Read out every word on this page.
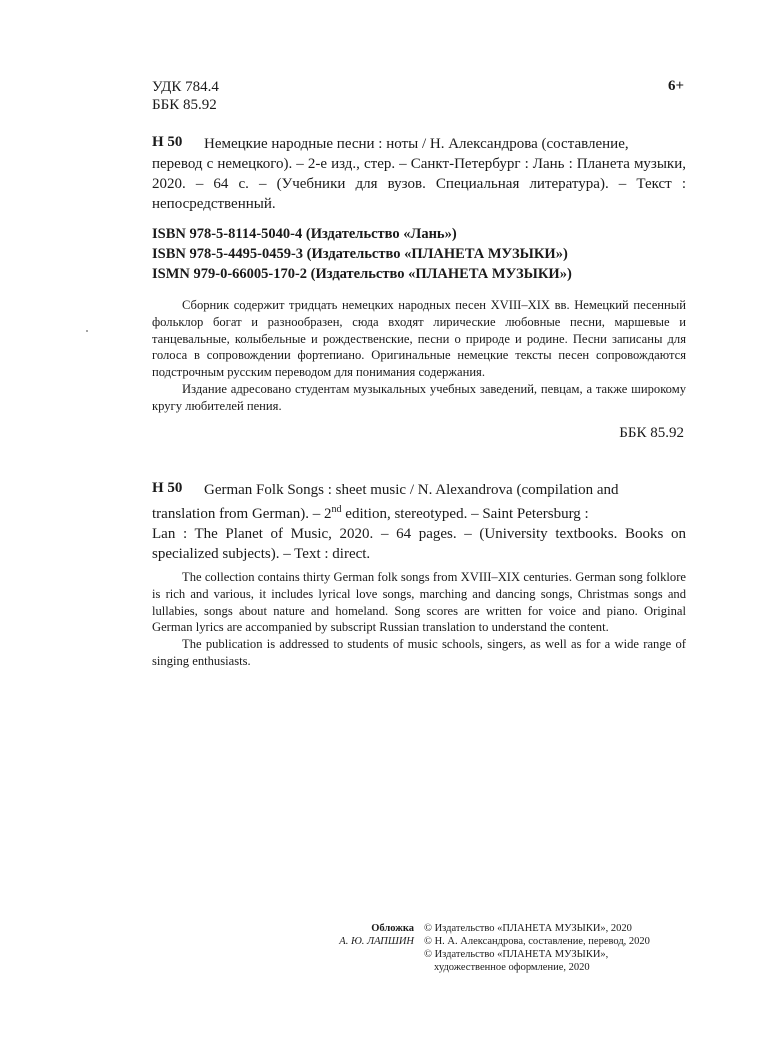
УДК 784.4
ББК 85.92
6+
Н 50	Немецкие народные песни : ноты / Н. Александрова (составление,

перевод с немецкого). – 2-е изд., стер. – Санкт-Петербург : Лань : Планета музыки, 2020. – 64 с. – (Учебники для вузов. Специальная литература). – Текст : непосредственный.

ISBN 978-5-8114-5040-4 (Издательство «Лань»)
ISBN 978-5-4495-0459-3 (Издательство «ПЛАНЕТА МУЗЫКИ»)
ISMN 979-0-66005-170-2 (Издательство «ПЛАНЕТА МУЗЫКИ»)

Сборник содержит тридцать немецких народных песен XVIII–XIX вв. Немецкий песенный фольклор богат и разнообразен, сюда входят лирические любовные песни, маршевые и танцевальные, колыбельные и рождественские, песни о природе и родине. Песни записаны для голоса в сопровождении фортепиано. Оригинальные немецкие тексты песен сопровождаются подстрочным русским переводом для понимания содержания.

Издание адресовано студентам музыкальных учебных заведений, певцам, а также широкому кругу любителей пения.

ББК 85.92
H 50	German Folk Songs : sheet music / N. Alexandrova (compilation and

translation from German). – 2nd edition, stereotyped. – Saint Petersburg :

Lan : The Planet of Music, 2020. – 64 pages. – (University textbooks. Books on specialized subjects). – Text : direct.

The collection contains thirty German folk songs from XVIII–XIX centuries. German song folklore is rich and various, it includes lyrical love songs, marching and dancing songs, Christmas songs and lullabies, songs about nature and homeland. Song scores are written for voice and piano. Original German lyrics are accompanied by subscript Russian translation to understand the content.

The publication is addressed to students of music schools, singers, as well as for a wide range of singing enthusiasts.

Обложка
А. Ю. ЛАПШИН
© Издательство «ПЛАНЕТА МУЗЫКИ», 2020
© Н. А. Александрова, составление, перевод, 2020
© Издательство «ПЛАНЕТА МУЗЫКИ»,
художественное оформление, 2020
